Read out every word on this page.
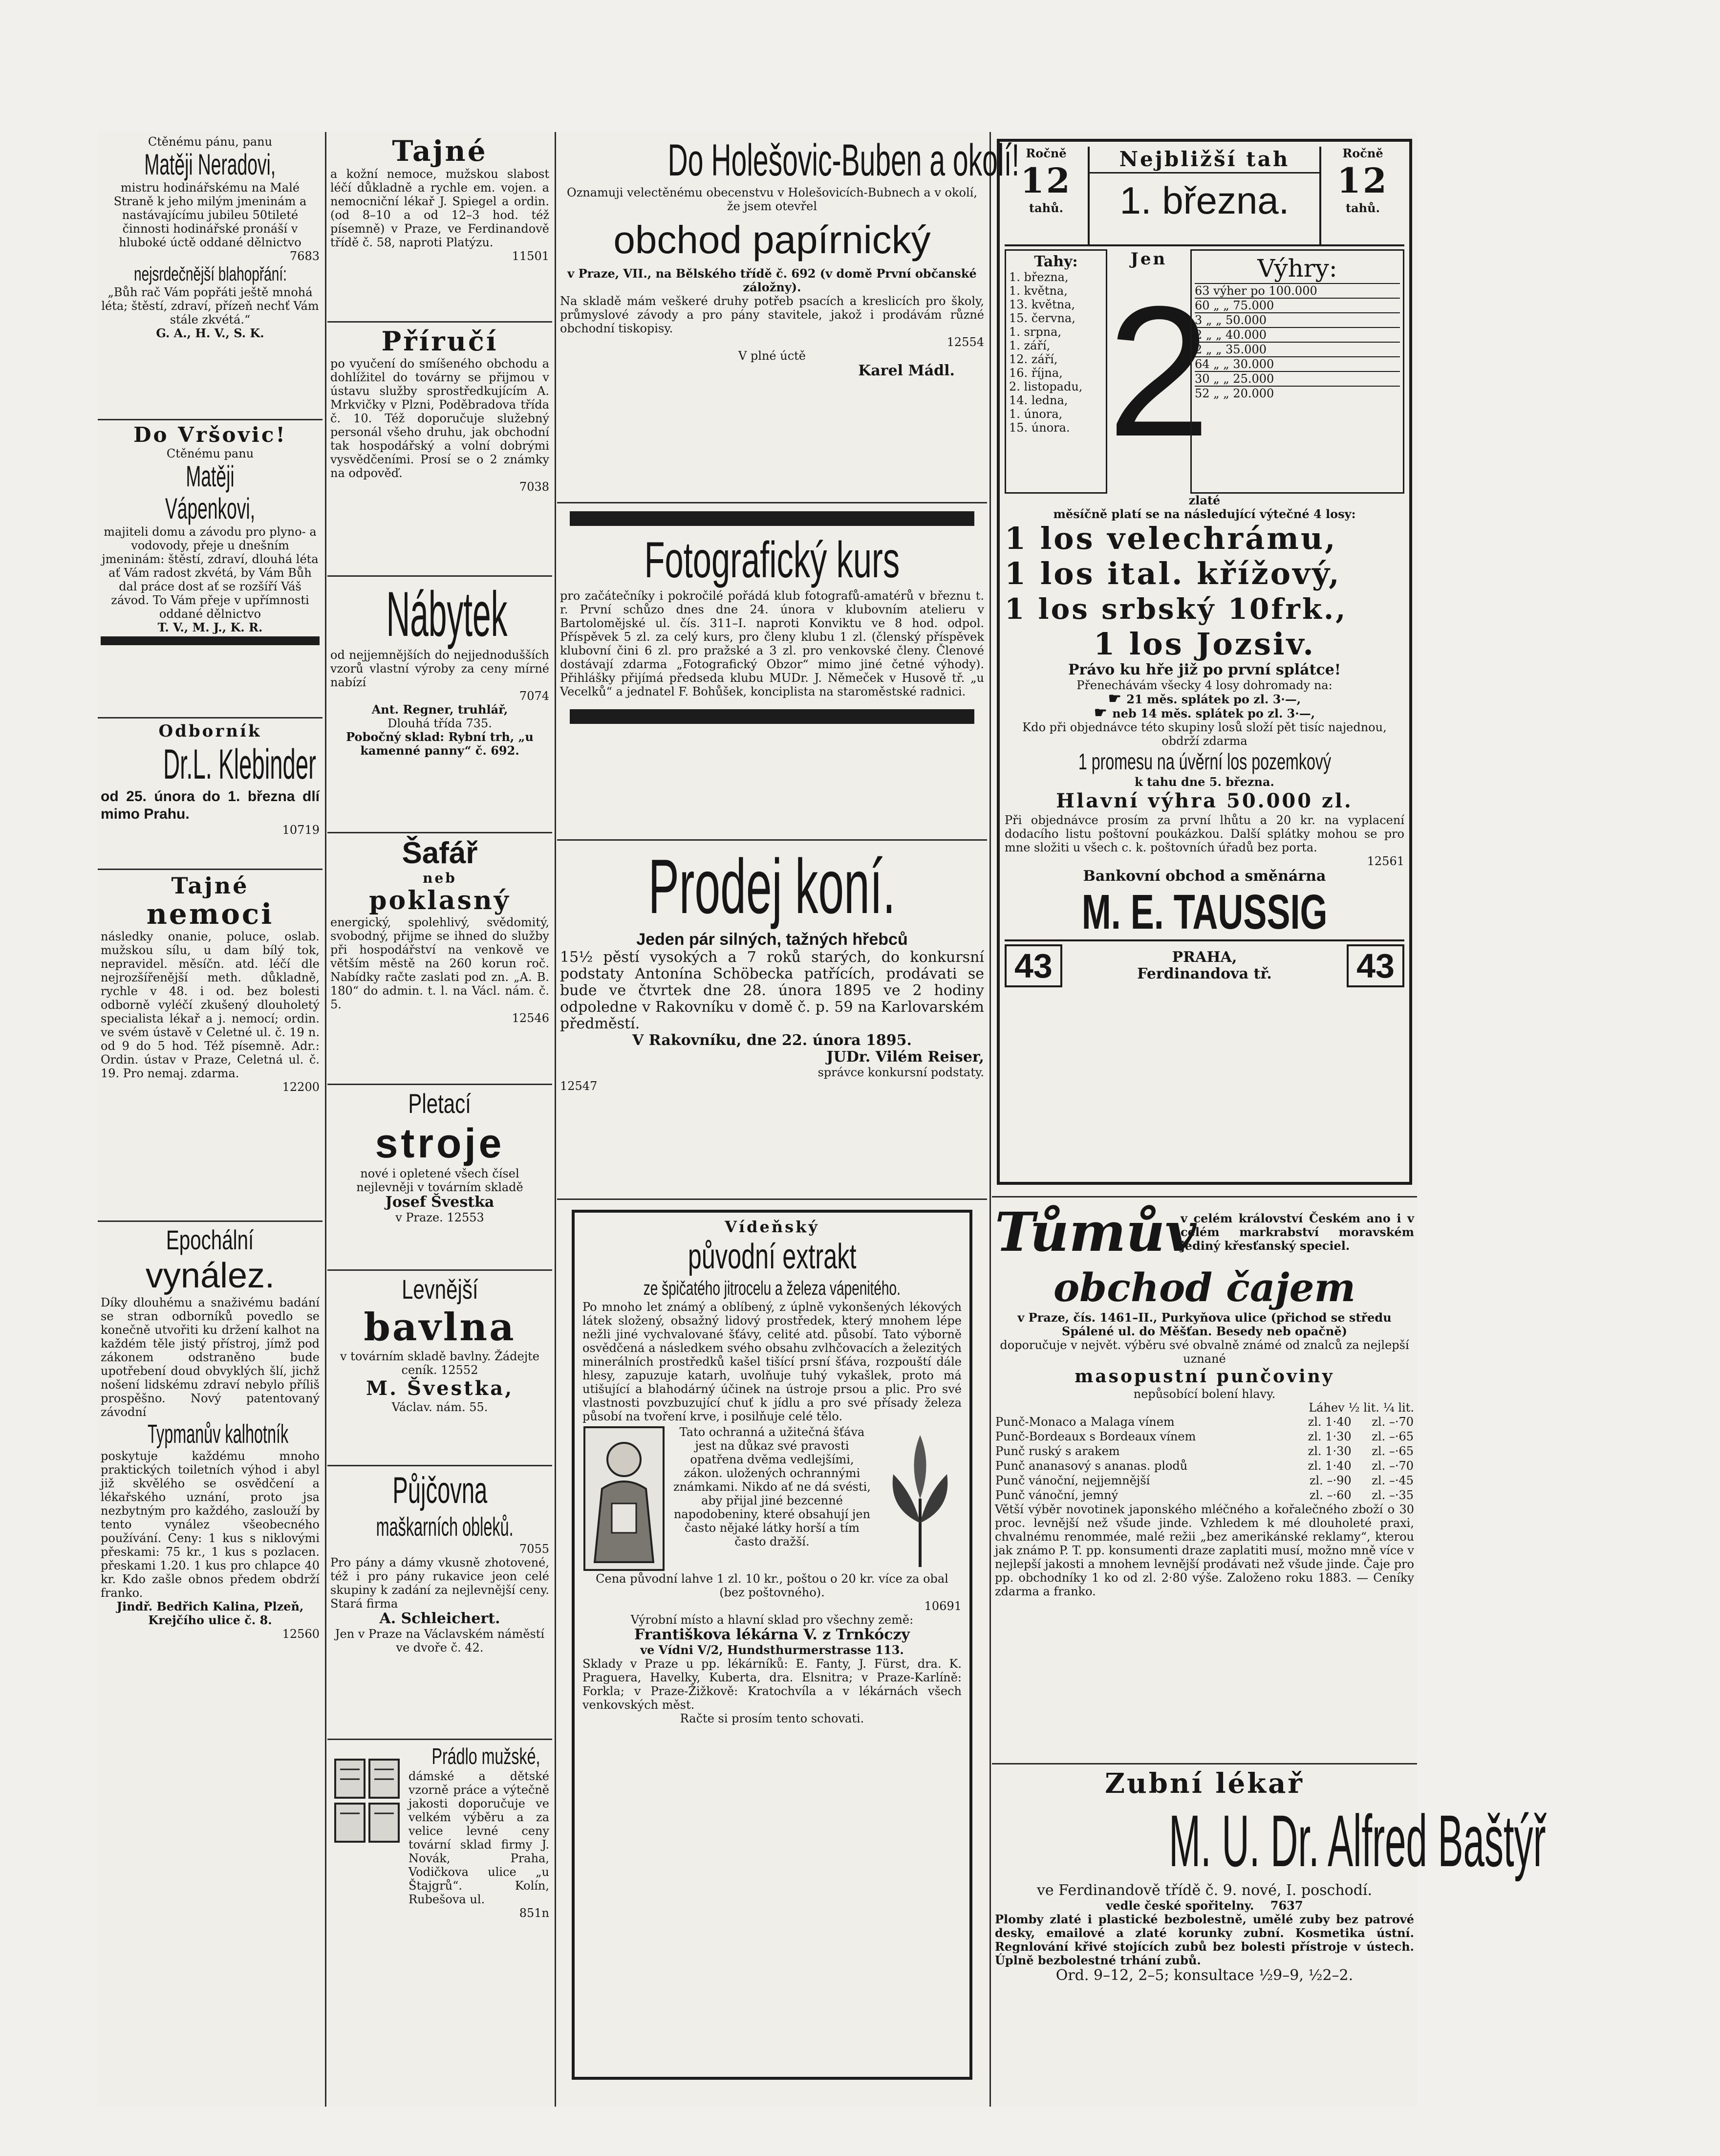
Ctěnému pánu, panu

Matěji Neradovi,

mistru hodinářskému na Malé Straně k jeho milým jmeninám a nastávajícímu jubileu 50tileté činnosti hodinářské pronáší v hluboké úctě oddané dělnictvo

7683

nejsrdečnější blahopřání:

„Bůh rač Vám popřáti ještě mnohá léta; štěstí, zdraví, přízeň nechť Vám stále zkvétá.“

G. A., H. V., S. K.

Do Vršovic!

Ctěnému panu

Matěji Vápenkovi,

majiteli domu a závodu pro plyno- a vodovody, přeje u dnešním jmeninám: štěstí, zdraví, dlouhá léta ať Vám radost zkvétá, by Vám Bůh dal práce dost ať se rozšíří Váš závod. To Vám přeje v upřímnosti oddané dělnictvo

T. V., M. J., K. R.

Odborník

Dr.L. Klebinder

od 25. února do 1. března dlí mimo Prahu.

10719

Tajné

nemoci

následky onanie, poluce, oslab. mužskou sílu, u dam bílý tok, nepravidel. měsíčn. atd. léčí dle nejrozšířenější meth. důkladně, rychle v 48. i od. bez bolesti odborně vyléčí zkušený dlouholetý specialista lékař a j. nemocí; ordin. ve svém ústavě v Celetné ul. č. 19 n. od 9 do 5 hod. Též písemně. Adr.: Ordin. ústav v Praze, Celetná ul. č. 19. Pro nemaj. zdarma.

12200

Epochální

vynález.

Díky dlouhému a snaživému badání se stran odborníků povedlo se konečně utvořiti ku držení kalhot na každém těle jistý přístroj, jímž pod zákonem odstraněno bude upotřebení doud obvyklých šlí, jichž nošení lidskému zdraví nebylo příliš prospěšno. Nový patentovaný závodní

Typmanův kalhotník

poskytuje každému mnoho praktických toiletních výhod i abyl již skvělého se osvědčení a lékařského uznání, proto jsa nezbytným pro každého, zaslouží by tento vynález všeobecného používání. Ceny: 1 kus s niklovými přeskami: 75 kr., 1 kus s pozlacen. přeskami 1.20. 1 kus pro chlapce 40 kr. Kdo zašle obnos předem obdrží franko.

Jindř. Bedřich Kalina, Plzeň, Krejčího ulice č. 8.

12560

Tajné

a kožní nemoce, mužskou slabost léčí důkladně a rychle em. vojen. a nemocniční lékař J. Spiegel a ordin. (od 8–10 a od 12–3 hod. též písemně) v Praze, ve Ferdinandově třídě č. 58, naproti Platýzu.

11501

Příručí

po vyučení do smíšeného obchodu a dohlížitel do továrny se přijmou v ústavu služby sprostředkujícím A. Mrkvičky v Plzni, Poděbradova třída č. 10. Též doporučuje služebný personál všeho druhu, jak obchodní tak hospodářský a volní dobrými vysvědčeními. Prosí se o 2 známky na odpověď.

7038

Nábytek

od nejjemnějších do nejjednodušších vzorů vlastní výroby za ceny mírné nabízí

7074

Ant. Regner, truhlář,

Dlouhá třída 735.

Pobočný sklad: Rybní trh, „u kamenné panny“ č. 692.

Šafář

neb

poklasný

energický, spolehlivý, svědomitý, svobodný, přijme se ihned do služby při hospodářství na venkově ve větším městě na 260 korun roč. Nabídky račte zaslati pod zn. „A. B. 180“ do admin. t. l. na Václ. nám. č. 5.

12546

Pletací

stroje

nové i opletené všech čísel nejlevněji v továrním skladě

Josef Švestka

v Praze. 12553

Levnější

bavlna

v továrním skladě bavlny. Žádejte ceník. 12552

M. Švestka,

Václav. nám. 55.

Půjčovna

maškarních obleků.

7055

Pro pány a dámy vkusně zhotovené, též i pro pány rukavice jeon celé skupiny k zadání za nejlevnější ceny. Stará firma

A. Schleichert.

Jen v Praze na Václavském náměstí ve dvoře č. 42.

Prádlo mužské,

dámské a dětské vzorně práce a výtečně jakosti doporučuje ve velkém výběru a za velice levné ceny tovární sklad firmy J. Novák, Praha, Vodičkova ulice „u Štajgrů“. Kolín, Rubešova ul.

851n

Do Holešovic-Buben a okolí!

Oznamuji velectěnému obecenstvu v Holešovicích-Bubnech a v okolí, že jsem otevřel

obchod papírnický

v Praze, VII., na Bělského třídě č. 692 (v domě První občanské záložny).

Na skladě mám veškeré druhy potřeb psacích a kreslicích pro školy, průmyslové závody a pro pány stavitele, jakož i prodávám různé obchodní tiskopisy.

12554

V plné úctě

Karel Mádl.

Fotografický kurs

pro začátečníky i pokročilé pořádá klub fotografů-amatérů v březnu t. r. První schůzo dnes dne 24. února v klubovním atelieru v Bartolomějské ul. čís. 311–I. naproti Konviktu ve 8 hod. odpol. Příspěvek 5 zl. za celý kurs, pro členy klubu 1 zl. (členský příspěvek klubovní čini 6 zl. pro pražské a 3 zl. pro venkovské členy. Členové dostávají zdarma „Fotografický Obzor“ mimo jiné četné výhody). Přihlášky přijímá předseda klubu MUDr. J. Němeček v Husově tř. „u Vecelků“ a jednatel F. Bohůšek, konciplista na staroměstské radnici.

Prodej koní.

Jeden pár silných, tažných hřebců

15½ pěstí vysokých a 7 roků starých, do konkursní podstaty Antonína Schöbecka patřících, prodávati se bude ve čtvrtek dne 28. února 1895 ve 2 hodiny odpoledne v Rakovníku v domě č. p. 59 na Karlovarském předměstí.

V Rakovníku, dne 22. února 1895.

JUDr. Vilém Reiser,

správce konkursní podstaty.

12547

Vídeňský

původní extrakt

ze špičatého jitrocelu a železa vápenitého.

Po mnoho let známý a oblíbený, z úplně vykonšených lékových látek složený, obsažný lidový prostředek, který mnohem lépe nežli jiné vychvalované šťávy, celité atd. působí. Tato výborně osvědčená a následkem svého obsahu zvlhčovacích a železitých minerálních prostředků kašel tišící prsní šťáva, rozpouští dále hlesy, zapuzuje katarh, uvolňuje tuhý vykašlek, proto má utišující a blahodárný účinek na ústroje prsou a plic. Pro své vlastnosti povzbuzující chuť k jídlu a pro své přísady železa působí na tvoření krve, i posilňuje celé tělo.

Tato ochranná a užitečná šťáva jest na důkaz své pravosti opatřena dvěma vedlejšími, zákon. uložených ochrannými známkami. Nikdo ať ne dá svésti, aby přijal jiné bezcenné napodobeniny, které obsahují jen často nějaké látky horší a tím často dražší.

Cena původní lahve 1 zl. 10 kr., poštou o 20 kr. více za obal (bez poštovného).

10691

Výrobní místo a hlavní sklad pro všechny země:

Františkova lékárna V. z Trnkóczy

ve Vídni V/2, Hundsthurmerstrasse 113.

Sklady v Praze u pp. lékárníků: E. Fanty, J. Fürst, dra. K. Praguera, Havelky, Kuberta, dra. Elsnitra; v Praze-Karlíně: Forkla; v Praze-Žižkově: Kratochvíla a v lékárnách všech venkovských měst.

Račte si prosím tento schovati.

Ročně

12

tahů.

Nejbližší tah

1. března.

Ročně

12

tahů.

Tahy:

1. března,

1. května,

13. května,

15. června,

1. srpna,

1. září,

12. září,

16. října,

2. listopadu,

14. ledna,

1. února,

15. února.

Jen

2	Výhry:

63 výher po 100.000

60 „ „ 75.000

3 „ „ 50.000

2 „ „ 40.000

2 „ „ 35.000

64 „ „ 30.000

30 „ „ 25.000

52 „ „ 20.000

zlaté

měsíčně platí se na následující výtečné 4 losy:

1 los velechrámu,

1 los ital. křížový,

1 los srbský 10frk.,

1 los Jozsiv.

Právo ku hře již po první splátce!

Přenechávám všecky 4 losy dohromady na:

☛ 21 měs. splátek po zl. 3·—,

☛ neb 14 měs. splátek po zl. 3·—,

Kdo při objednávce této skupiny losů složí pět tisíc najednou, obdrží zdarma

1 promesu na úvěrní los pozemkový

k tahu dne 5. března.

Hlavní výhra 50.000 zl.

Při objednávce prosím za první lhůtu a 20 kr. na vyplacení dodacího listu poštovní poukázkou. Další splátky mohou se pro mne složiti u všech c. k. poštovních úřadů bez porta.

12561

Bankovní obchod a směnárna

M. E. TAUSSIG

43	PRAHA,

Ferdinandova tř. 43

Tůmův

v celém království Českém ano i v celém markrabství moravském jediný křesťanský speciel.

obchod čajem

v Praze, čís. 1461–II., Purkyňova ulice (přichod se středu Spálené ul. do Měšťan. Besedy neb opačně)

doporučuje v největ. výběru své obvalně známé od znalců za nejlepší uznané

masopustní punčoviny

nepůsobící bolení hlavy.

Láhev ½ lit. ¼ lit.

Punč-Monaco a Malaga vínem	zl. 1·40	zl. –·70
Punč-Bordeaux s Bordeaux vínem	zl. 1·30	zl. –·65
Punč ruský s arakem	zl. 1·30	zl. –·65
Punč ananasový s ananas. plodů	zl. 1·40	zl. –·70
Punč vánoční, nejjemnější	zl. –·90	zl. –·45
Punč vánoční, jemný	zl. –·60	zl. –·35

Větší výběr novotinek japonského mléčného a kořalečného zboží o 30 proc. levnější než všude jinde. Vzhledem k mé dlouholeté praxi, chvalnému renommée, malé režii „bez amerikánské reklamy“, kterou jak známo P. T. pp. konsumenti draze zaplatiti musí, možno mně více v nejlepší jakosti a mnohem levnější prodávati než všude jinde. Čaje pro pp. obchodníky 1 ko od zl. 2·80 výše. Založeno roku 1883. — Ceníky zdarma a franko.

Zubní lékař

M. U. Dr. Alfred Baštýř

ve Ferdinandově třídě č. 9. nové, I. poschodí.

vedle české spořitelny. 7637

Plomby zlaté i plastické bezbolestně, umělé zuby bez patrové desky, emailové a zlaté korunky zubní. Kosmetika ústní. Regnlování křivé stojících zubů bez bolesti přístroje v ústech. Úplně bezbolestné trhání zubů.

Ord. 9–12, 2–5; konsultace ½9–9, ½2–2.
